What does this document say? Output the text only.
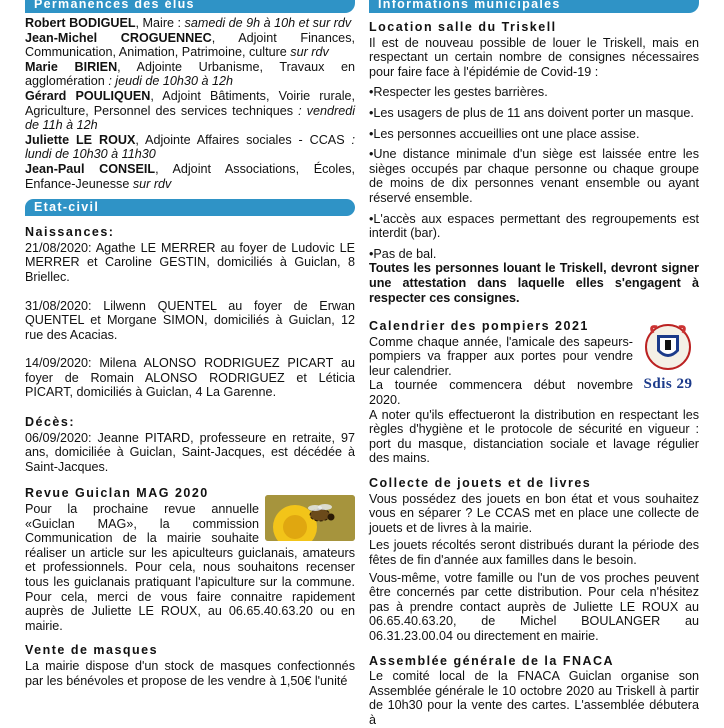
Permanences des élus

Robert BODIGUEL, Maire : samedi de 9h à 10h et sur rdv

Jean-Michel CROGUENNEC, Adjoint Finances, Communication, Animation, Patrimoine, culture sur rdv

Marie BIRIEN, Adjointe Urbanisme, Travaux en agglomération : jeudi de 10h30 à 12h

Gérard POULIQUEN, Adjoint Bâtiments, Voirie rurale, Agriculture, Personnel des services techniques : vendredi de 11h à 12h

Juliette LE ROUX, Adjointe Affaires sociales - CCAS : lundi de 10h30 à 11h30

Jean-Paul CONSEIL, Adjoint Associations, Écoles, Enfance-Jeunesse sur rdv

Etat-civil
Naissances:

21/08/2020: Agathe LE MERRER au foyer de Ludovic LE MERRER et Caroline GESTIN, domiciliés à Guiclan, 8 Briellec.

31/08/2020: Lilwenn QUENTEL au foyer de Erwan QUENTEL et Morgane SIMON, domiciliés à Guiclan, 12 rue des Acacias.

14/09/2020: Milena ALONSO RODRIGUEZ PICART au foyer de Romain ALONSO RODRIGUEZ et Léticia PICART, domiciliés à Guiclan, 4 La Garenne.

Décès:

06/09/2020: Jeanne PITARD, professeure en retraite, 97 ans, domiciliée à Guiclan, Saint-Jacques, est décédée à Saint-Jacques.

Revue Guiclan MAG 2020

Pour la prochaine revue annuelle «Guiclan MAG», la commission Communication de la mairie souhaite réaliser un article sur les apiculteurs guiclanais, amateurs et professionnels. Pour cela, nous souhaitons recenser tous les guiclanais pratiquant l'apiculture sur la commune. Pour cela, merci de vous faire connaitre rapidement auprès de Juliette LE ROUX, au 06.65.40.63.20 ou en mairie.

Vente de masques

La mairie dispose d'un stock de masques confectionnés par les bénévoles et propose de les vendre à 1,50€ l'unité

Informations municipales
Location salle du Triskell

Il est de nouveau possible de louer le Triskell, mais en respectant un certain nombre de consignes nécessaires pour faire face à l'épidémie de Covid-19 :

•Respecter les gestes barrières.

•Les usagers de plus de 11 ans doivent porter un masque.

•Les personnes accueillies ont une place assise.

•Une distance minimale d'un siège est laissée entre les sièges occupés par chaque personne ou chaque groupe de moins de dix personnes venant ensemble ou ayant réservé ensemble.

•L'accès aux espaces permettant des regroupements est interdit (bar).

•Pas de bal.

Toutes les personnes louant le Triskell, devront signer une attestation dans laquelle elles s'engagent à respecter ces consignes.

Calendrier des pompiers 2021
Sdis 29

Comme chaque année, l'amicale des sapeurs-pompiers va frapper aux portes pour vendre leur calendrier.

La tournée commencera début novembre 2020.

A noter qu'ils effectueront la distribution en respectant les règles d'hygiène et le protocole de sécurité en vigueur : port du masque, distanciation sociale et lavage régulier des mains.

Collecte de jouets et de livres

Vous possédez des jouets en bon état et vous souhaitez vous en séparer ? Le CCAS met en place une collecte de jouets et de livres à la mairie.

Les jouets récoltés seront distribués durant la période des fêtes de fin d'année aux familles dans le besoin.

Vous-même, votre famille ou l'un de vos proches peuvent être concernés par cette distribution. Pour cela n'hésitez pas à prendre contact auprès de Juliette LE ROUX au 06.65.40.63.20, de Michel BOULANGER au 06.31.23.00.04 ou directement en mairie.

Assemblée générale de la FNACA

Le comité local de la FNACA Guiclan organise son Assemblée générale le 10 octobre 2020 au Triskell à partir de 10h30 pour la vente des cartes. L'assemblée débutera à
